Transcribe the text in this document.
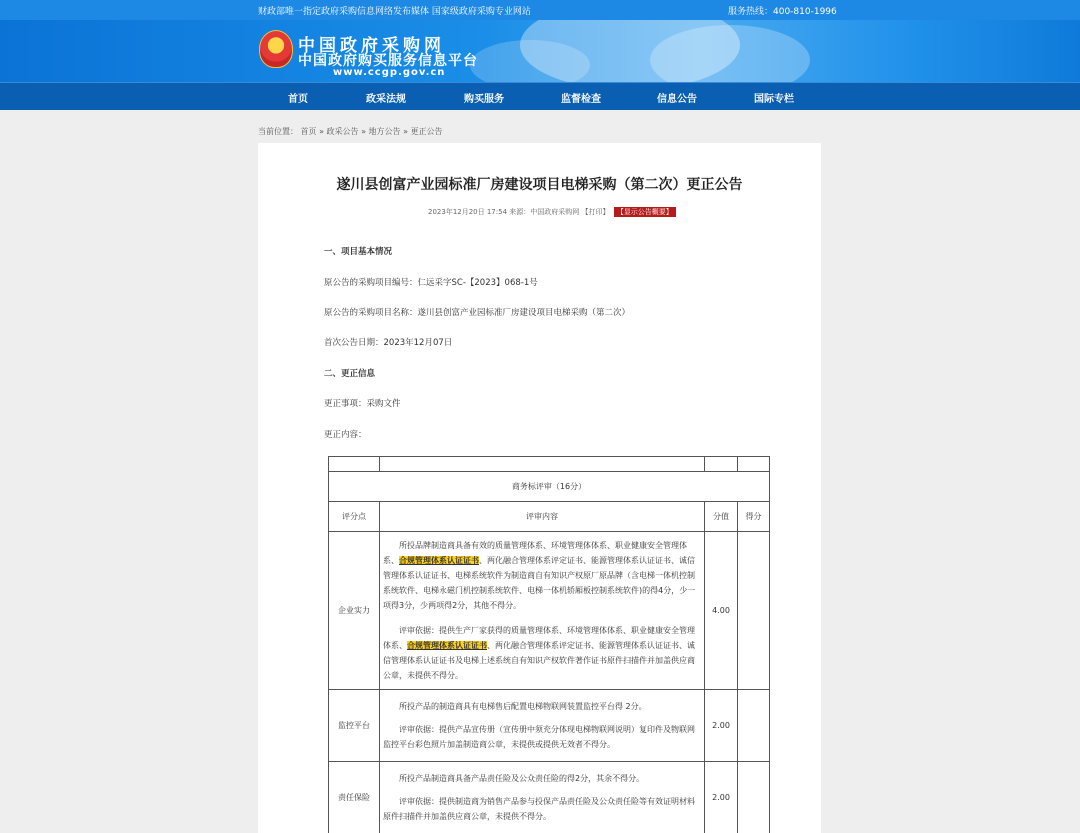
财政部唯一指定政府采购信息网络发布媒体 国家级政府采购专业网站	服务热线：400-810-1996
中国政府采购网
中国政府购买服务信息平台
www.ccgp.gov.cn
首页	政采法规	购买服务	监督检查	信息公告	国际专栏
当前位置： 首页 » 政采公告 » 地方公告 » 更正公告
遂川县创富产业园标准厂房建设项目电梯采购（第二次）更正公告
2023年12月20日 17:54 来源：中国政府采购网 【打印】 【显示公告概要】
一、项目基本情况
原公告的采购项目编号：仁远采字SC-【2023】068-1号
原公告的采购项目名称：遂川县创富产业园标准厂房建设项目电梯采购（第二次）
首次公告日期：2023年12月07日
二、更正信息
更正事项：采购文件
更正内容：

商务标评审（16分）			
评分点	评审内容	分值	得分
企业实力	所投品牌制造商具备有效的质量管理体系、环境管理体体系、职业健康安全管理体系、合规管理体系认证证书、两化融合管理体系评定证书、能源管理体系认证证书、诚信管理体系认证证书、电梯系统软件为制造商自有知识产权原厂原品牌（含电梯一体机控制系统软件、电梯永磁门机控制系统软件、电梯一体机轿厢板控制系统软件)的得4分，少一项得3分，少两项得2分，其他不得分。
评审依据：提供生产厂家获得的质量管理体系、环境管理体体系、职业健康安全管理体系、合规管理体系认证证书、两化融合管理体系评定证书、能源管理体系认证证书、诚信管理体系认证证书及电梯上述系统自有知识产权软件著作证书原件扫描件并加盖供应商公章，未提供不得分。	4.00	
监控平台	所投产品的制造商具有电梯售后配置电梯物联网装置监控平台得 2分。
评审依据：提供产品宣传册（宣传册中须充分体现电梯物联网说明）复印件及物联网监控平台彩色照片加盖制造商公章，未提供或提供无效者不得分。	2.00	
责任保险	所投产品制造商具备产品责任险及公众责任险的得2分，其余不得分。
评审依据：提供制造商为销售产品参与投保产品责任险及公众责任险等有效证明材料原件扫描件并加盖供应商公章，未提供不得分。	2.00	
